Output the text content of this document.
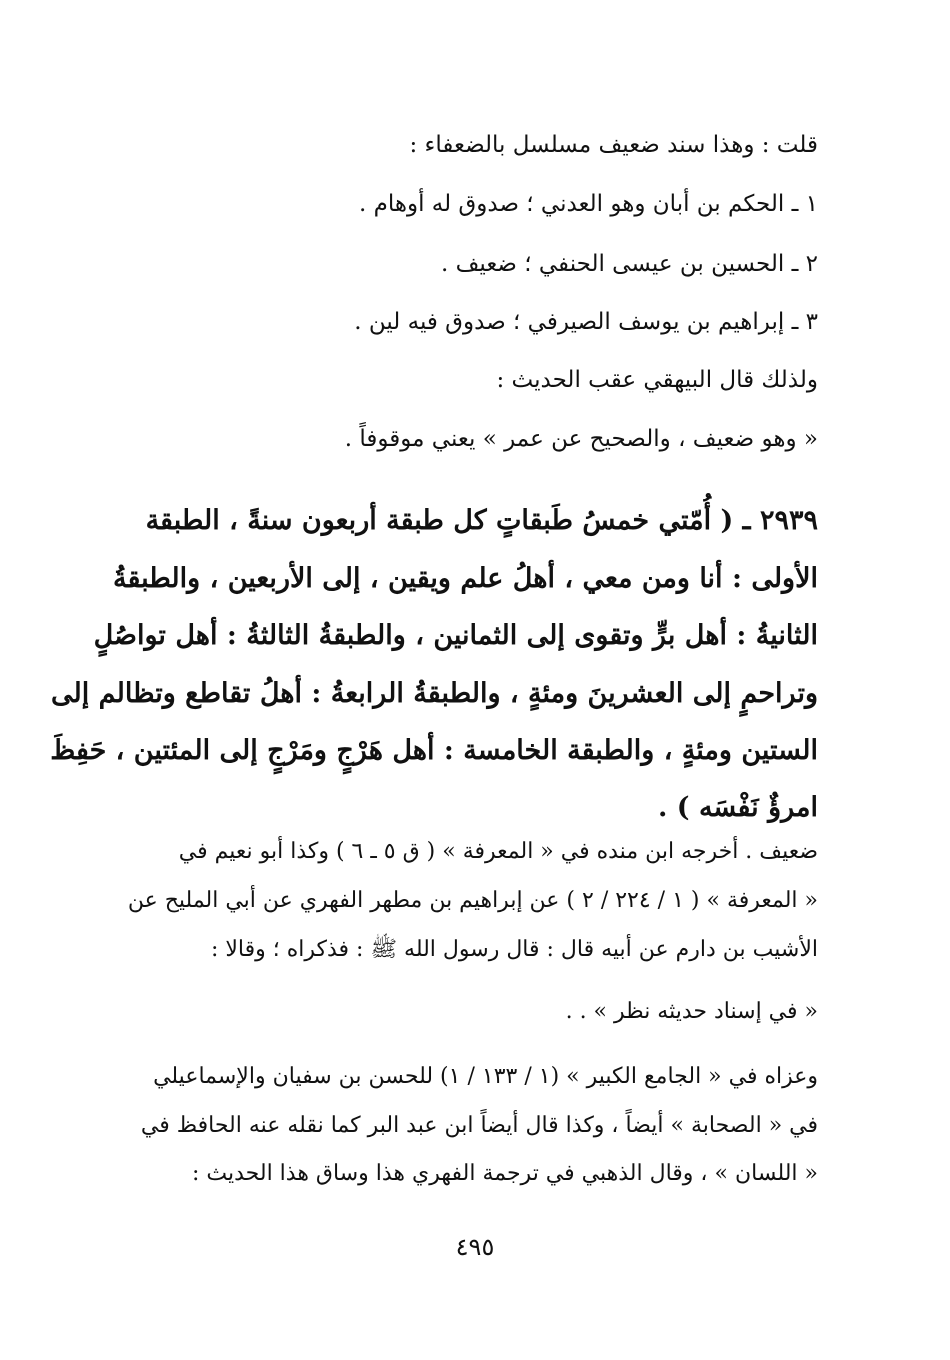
قلت : وهذا سند ضعيف مسلسل بالضعفاء :

١ ـ الحكم بن أبان وهو العدني ؛ صدوق له أوهام .

٢ ـ الحسين بن عيسى الحنفي ؛ ضعيف .

٣ ـ إبراهيم بن يوسف الصيرفي ؛ صدوق فيه لين .

ولذلك قال البيهقي عقب الحديث :

« وهو ضعيف ، والصحيح عن عمر » يعني موقوفاً .

٢٩٣٩ ـ ( أُمّتي خمسُ طَبقاتٍ كل طبقة أربعون سنةً ، الطبقة

الأولى : أنا ومن معي ، أهلُ علم ويقين ، إلى الأربعين ، والطبقةُ

الثانيةُ : أهل برٍّ وتقوى إلى الثمانين ، والطبقةُ الثالثةُ : أهل تواصُلٍ

وتراحمٍ إلى العشرينَ ومئةٍ ، والطبقةُ الرابعةُ : أهلُ تقاطع وتظالم إلى

الستين ومئةٍ ، والطبقة الخامسة : أهل هَرْجٍ ومَرْجٍ إلى المئتين ، حَفِظَ

امرؤٌ نَفْسَه ) .

ضعيف . أخرجه ابن منده في « المعرفة » ( ق ٥ ـ ٦ ) وكذا أبو نعيم في

« المعرفة » ( ١ / ٢٢٤ / ٢ ) عن إبراهيم بن مطهر الفهري عن أبي المليح عن

الأشيب بن دارم عن أبيه قال : قال رسول الله ﷺ : فذكراه ؛ وقالا :

« في إسناد حديثه نظر » . .

وعزاه في « الجامع الكبير » (١ / ١٣٣ / ١) للحسن بن سفيان والإسماعيلي

في « الصحابة » أيضاً ، وكذا قال أيضاً ابن عبد البر كما نقله عنه الحافظ في

« اللسان » ، وقال الذهبي في ترجمة الفهري هذا وساق هذا الحديث :

٤٩٥
